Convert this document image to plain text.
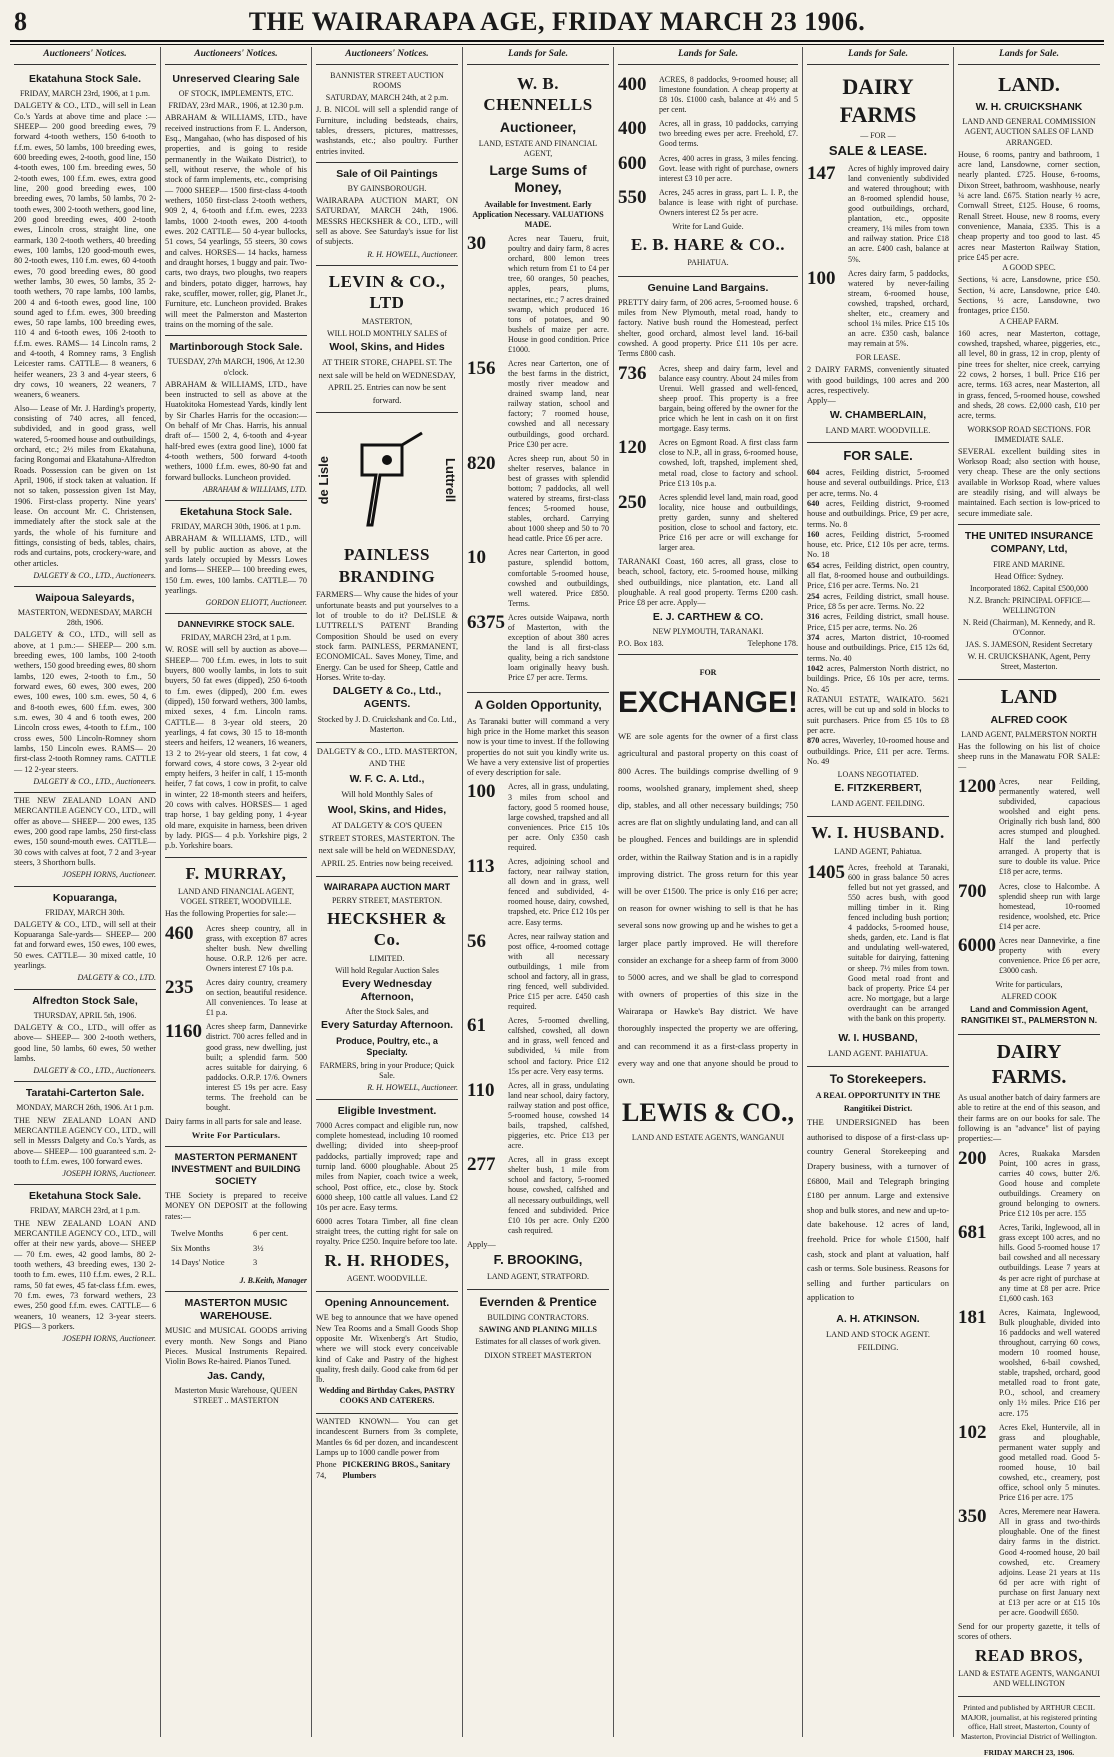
8	THE WAIRARAPA AGE, FRIDAY MARCH 23 1906.
Auctioneers' Notices.
Ekatahuna Stock Sale.
FRIDAY, MARCH 23rd, 1906, at 1 p.m.
DALGETY & CO., LTD., will sell in Lean Co.'s Yards at above time and place :— SHEEP— 200 good breeding ewes, 79 forward 4-tooth wethers, 150 6-tooth to f.f.m. ewes, 50 lambs, 100 breeding ewes, 600 breeding ewes, 2-tooth, good line, 150 4-tooth ewes, 100 f.m. breeding ewes, 50 2-tooth ewes, 100 f.f.m. ewes, extra good line, 200 good breeding ewes, 100 breeding ewes, 70 lambs, 50 lambs, 70 2-tooth ewes, 300 2-tooth wethers, good line, 200 good breeding ewes, 400 2-tooth ewes, Lincoln cross, straight line, one earmark, 130 2-tooth wethers, 40 breeding ewes, 100 lambs, 120 good-mouth ewes, 80 2-tooth ewes, 110 f.m. ewes, 60 4-tooth ewes, 70 good breeding ewes, 80 good wether lambs, 30 ewes, 50 lambs, 35 2-tooth wethers, 70 rape lambs, 100 lambs, 200 4 and 6-tooth ewes, good line, 100 sound aged to f.f.m. ewes, 300 breeding ewes, 50 rape lambs, 100 breeding ewes, 110 4 and 6-tooth ewes, 106 2-tooth to f.f.m. ewes. RAMS— 14 Lincoln rams, 2 and 4-tooth, 4 Romney rams, 3 English Leicester rams. CATTLE— 8 weaners, 6 heifer weaners, 23 3 and 4-year steers, 6 dry cows, 10 weaners, 22 weaners, 7 weaners, 6 weaners.
Also— Lease of Mr. J. Harding's property, consisting of 740 acres, all fenced, subdivided, and in good grass, well watered, 5-roomed house and outbuildings, orchard, etc.; 2½ miles from Ekatahuna, facing Rongomai and Ekatahuna-Alfredton Roads. Possession can be given on 1st April, 1906, if stock taken at valuation. If not so taken, possession given 1st May, 1906. First-class property. Nine years' lease. On account Mr. C. Christensen, immediately after the stock sale at the yards, the whole of his furniture and fittings, consisting of beds, tables, chairs, rods and curtains, pots, crockery-ware, and other articles.
DALGETY & CO., LTD., Auctioneers.
Waipoua Saleyards,
MASTERTON, WEDNESDAY, MARCH 28th, 1906.
DALGETY & CO., LTD., will sell as above, at 1 p.m.:— SHEEP— 200 s.m. breeding ewes, 100 lambs, 100 2-tooth wethers, 150 good breeding ewes, 80 shorn lambs, 120 ewes, 2-tooth to f.m., 50 forward ewes, 60 ewes, 300 ewes, 200 ewes, 100 ewes, 100 s.m. ewes, 50 4, 6 and 8-tooth ewes, 600 f.f.m. ewes, 300 s.m. ewes, 30 4 and 6 tooth ewes, 200 Lincoln cross ewes, 4-tooth to f.f.m., 100 cross ewes, 500 Lincoln-Romney shorn lambs, 150 Lincoln ewes. RAMS— 20 first-class 2-tooth Romney rams. CATTLE— 12 2-year steers.
DALGETY & CO., LTD., Auctioneers.
THE NEW ZEALAND LOAN AND MERCANTILE AGENCY CO., LTD., will offer as above— SHEEP— 200 ewes, 135 ewes, 200 good rape lambs, 250 first-class ewes, 150 sound-mouth ewes. CATTLE— 30 cows with calves at foot, 7 2 and 3-year steers, 3 Shorthorn bulls.
JOSEPH IORNS, Auctioneer.
Kopuaranga,
FRIDAY, MARCH 30th.
DALGETY & CO., LTD., will sell at their Kopuaranga Sale-yards— SHEEP— 200 fat and forward ewes, 150 ewes, 100 ewes, 50 ewes. CATTLE— 30 mixed cattle, 10 yearlings.
DALGETY & CO., LTD.
Alfredton Stock Sale,
THURSDAY, APRIL 5th, 1906.
DALGETY & CO., LTD., will offer as above— SHEEP— 300 2-tooth wethers, good line, 50 lambs, 60 ewes, 50 wether lambs.
DALGETY & CO., LTD., Auctioneers.
Taratahi-Carterton Sale.
MONDAY, MARCH 26th, 1906. At 1 p.m.
THE NEW ZEALAND LOAN AND MERCANTILE AGENCY CO., LTD., will sell in Messrs Dalgety and Co.'s Yards, as above— SHEEP— 100 guaranteed s.m. 2-tooth to f.f.m. ewes, 100 forward ewes.
JOSEPH IORNS, Auctioneer.
Eketahuna Stock Sale.
FRIDAY, MARCH 23rd, at 1 p.m.
THE NEW ZEALAND LOAN AND MERCANTILE AGENCY CO., LTD., will offer at their new yards, above— SHEEP— 70 f.m. ewes, 42 good lambs, 80 2-tooth wethers, 43 breeding ewes, 130 2-tooth to f.m. ewes, 110 f.f.m. ewes, 2 R.L. rams, 50 fat ewes, 45 fat-class f.f.m. ewes, 70 f.m. ewes, 73 forward wethers, 23 ewes, 250 good f.f.m. ewes. CATTLE— 6 weaners, 10 weaners, 12 3-year steers. PIGS— 3 porkers.
JOSEPH IORNS, Auctioneer.
Auctioneers' Notices.
Unreserved Clearing Sale
OF STOCK, IMPLEMENTS, ETC.
FRIDAY, 23rd MAR., 1906, at 12.30 p.m.
ABRAHAM & WILLIAMS, LTD., have received instructions from F. L. Anderson, Esq., Mangahao, (who has disposed of his properties, and is going to reside permanently in the Waikato District), to sell, without reserve, the whole of his stock of farm implements, etc., comprising— 7000 SHEEP— 1500 first-class 4-tooth wethers, 1050 first-class 2-tooth wethers, 909 2, 4, 6-tooth and f.f.m. ewes, 2233 lambs, 1000 2-tooth ewes, 200 4-tooth ewes. 202 CATTLE— 50 4-year bullocks, 51 cows, 54 yearlings, 55 steers, 30 cows and calves. HORSES— 14 hacks, harness and draught horses, 1 buggy and pair. Two-carts, two drays, two ploughs, two reapers and binders, potato digger, harrows, hay rake, scuffler, mower, roller, gig, Planet Jr., Furniture, etc. Luncheon provided. Brakes will meet the Palmerston and Masterton trains on the morning of the sale.
Martinborough Stock Sale.
TUESDAY, 27th MARCH, 1906, At 12.30 o'clock.
ABRAHAM & WILLIAMS, LTD., have been instructed to sell as above at the Huatokitoka Homestead Yards, kindly lent by Sir Charles Harris for the occasion:— On behalf of Mr Chas. Harris, his annual draft of— 1500 2, 4, 6-tooth and 4-year half-bred ewes (extra good line), 1000 fat 4-tooth wethers, 500 forward 4-tooth wethers, 1000 f.f.m. ewes, 80-90 fat and forward bullocks. Luncheon provided.
ABRAHAM & WILLIAMS, LTD.
Eketahuna Stock Sale.
FRIDAY, MARCH 30th, 1906. at 1 p.m.
ABRAHAM & WILLIAMS, LTD., will sell by public auction as above, at the yards lately occupied by Messrs Lowes and Iorns— SHEEP— 100 breeding ewes, 150 f.m. ewes, 100 lambs. CATTLE— 70 yearlings.
GORDON ELIOTT, Auctioneer.
DANNEVIRKE STOCK SALE.
FRIDAY, MARCH 23rd, at 1 p.m.
W. ROSE will sell by auction as above— SHEEP— 700 f.f.m. ewes, in lots to suit buyers, 800 woolly lambs, in lots to suit buyers, 50 fat ewes (dipped), 250 6-tooth to f.m. ewes (dipped), 200 f.m. ewes (dipped), 150 forward wethers, 300 lambs, mixed sexes, 4 f.m. Lincoln rams. CATTLE— 8 3-year old steers, 20 yearlings, 4 fat cows, 30 15 to 18-month steers and heifers, 12 weaners, 16 weaners, 13 2 to 2½-year old steers, 1 fat cow, 4 forward cows, 4 store cows, 3 2-year old empty heifers, 3 heifer in calf, 1 15-month heifer, 7 fat cows, 1 cow in profit, to calve in winter, 22 18-month steers and heifers, 20 cows with calves. HORSES— 1 aged trap horse, 1 bay gelding pony, 1 4-year old mare, exquisite in harness, been driven by lady. PIGS— 4 p.b. Yorkshire pigs, 2 p.b. Yorkshire boars.
F. MURRAY,
LAND AND FINANCIAL AGENT, VOGEL STREET, WOODVILLE.
Has the following Properties for sale:—
460	Acres sheep country, all in grass, with exception 87 acres shelter bush. New dwelling house. O.R.P. 12/6 per acre. Owners interest £7 10s p.a.
235	Acres dairy country, creamery on section, beautiful residence. All conveniences. To lease at £1 p.a.
1160 Acres sheep farm, Dannevirke district. 700 acres felled and in good grass, new dwelling, just built; a splendid farm. 500 acres suitable for dairying. 6 paddocks. O.R.P. 17/6. Owners interest £5 19s per acre. Easy terms. The freehold can be bought.
Dairy farms in all parts for sale and lease.
Write For Particulars.
MASTERTON PERMANENT INVESTMENT and BUILDING SOCIETY
THE Society is prepared to receive MONEY ON DEPOSIT at the following rates:—
Twelve Months	6 per cent.
Six Months	3½
14 Days' Notice	3
J. B.Keith, Manager
MASTERTON MUSIC WAREHOUSE.
MUSIC and MUSICAL GOODS arriving every month. New Songs and Piano Pieces. Musical Instruments Repaired. Violin Bows Re-haired. Pianos Tuned.
Jas. Candy,
Masterton Music Warehouse, QUEEN STREET .. MASTERTON
Auctioneers' Notices.
BANNISTER STREET AUCTION ROOMS
SATURDAY, MARCH 24th, at 2 p.m.
J. B. NICOL will sell a splendid range of Furniture, including bedsteads, chairs, tables, dressers, pictures, mattresses, washstands, etc.; also poultry. Further entries invited.
Sale of Oil Paintings
BY GAINSBOROUGH.
WAIRARAPA AUCTION MART, ON SATURDAY, MARCH 24th, 1906. MESSRS HECKSHER & CO., LTD., will sell as above. See Saturday's issue for list of subjects.
R. H. HOWELL, Auctioneer.
LEVIN & CO., LTD
MASTERTON,
WILL HOLD MONTHLY SALES of
Wool, Skins, and Hides
AT THEIR STORE, CHAPEL ST. The next sale will be held on WEDNESDAY, APRIL 25. Entries can now be sent forward.
de Lisle	Luttrell
PAINLESS BRANDING
FARMERS— Why cause the hides of your unfortunate beasts and put yourselves to a lot of trouble to do it? DeLISLE & LUTTRELL'S PATENT Branding Composition Should be used on every stock farm. PAINLESS, PERMANENT, ECONOMICAL. Saves Money, Time, and Energy. Can be used for Sheep, Cattle and Horses. Write to-day.
DALGETY & Co., Ltd., AGENTS.
Stocked by J. D. Cruickshank and Co. Ltd., Masterton.
DALGETY & CO., LTD. MASTERTON, AND THE
W. F. C. A. Ltd.,
Will hold Monthly Sales of
Wool, Skins, and Hides,
AT DALGETY & CO'S QUEEN STREET STORES, MASTERTON. The next sale will be held on WEDNESDAY, APRIL 25. Entries now being received.
WAIRARAPA AUCTION MART
PERRY STREET, MASTERTON.
HECKSHER & Co.
LIMITED.
Will hold Regular Auction Sales
Every Wednesday Afternoon,
After the Stock Sales, and
Every Saturday Afternoon.
Produce, Poultry, etc., a Specialty.
FARMERS, bring in your Produce; Quick Sale.
R. H. HOWELL, Auctioneer.
Eligible Investment.
7000 Acres compact and eligible run, now complete homestead, including 10 roomed dwelling; divided into sheep-proof paddocks, partially improved; rape and turnip land. 6000 ploughable. About 25 miles from Napier, coach twice a week, school, Post office, etc., close by. Stock 6000 sheep, 100 cattle all values. Land £2 10s per acre. Easy terms.
6000 acres Totara Timber, all fine clean straight trees, the cutting right for sale on royalty. Price £250. Inquire before too late.
R. H. RHODES,
AGENT. WOODVILLE.
Opening Announcement.
WE beg to announce that we have opened New Tea Rooms and a Small Goods Shop opposite Mr. Wixenberg's Art Studio, where we will stock every conceivable kind of Cake and Pastry of the highest quality, fresh daily. Good cake from 6d per lb.
Wedding and Birthday Cakes, PASTRY COOKS AND CATERERS.
WANTED KNOWN— You can get incandescent Burners from 3s complete, Mantles 6s 6d per dozen, and incandescent Lamps up to 1000 candle power from
Phone 74,
PICKERING BROS., Sanitary Plumbers
Lands for Sale.
W. B. CHENNELLS
Auctioneer,
LAND, ESTATE AND FINANCIAL AGENT,
Large Sums of Money,
Available for Investment. Early Application Necessary. VALUATIONS MADE.
30	Acres near Taueru, fruit, poultry and dairy farm, 8 acres orchard, 800 lemon trees which return from £1 to £4 per tree, 60 oranges, 50 peaches, apples, pears, plums, nectarines, etc.; 7 acres drained swamp, which produced 16 tons of potatoes, and 90 bushels of maize per acre. House in good condition. Price £1000.
156	Acres near Carterton, one of the best farms in the district, mostly river meadow and drained swamp land, near railway station, school and factory; 7 roomed house, cowshed and all necessary outbuildings, good orchard. Price £30 per acre.
820	Acres sheep run, about 50 in shelter reserves, balance in best of grasses with splendid bottom; 7 paddocks, all well watered by streams, first-class fences; 5-roomed house, stables, orchard. Carrying about 1000 sheep and 50 to 70 head cattle. Price £6 per acre.
10	Acres near Carterton, in good pasture, splendid bottom, comfortable 5-roomed house, cowshed and outbuildings, well watered. Price £850. Terms.
6375 Acres outside Waipawa, north of Masterton, with the exception of about 380 acres the land is all first-class quality, being a rich sandstone loam originally heavy bush. Price £7 per acre. Terms.
A Golden Opportunity,
As Taranaki butter will command a very high price in the Home market this season now is your time to invest. If the following properties do not suit you kindly write us. We have a very extensive list of properties of every description for sale.
100	Acres, all in grass, undulating, 3 miles from school and factory, good 5 roomed house, large cowshed, trapshed and all conveniences. Price £15 10s per acre. Only £350 cash required.
113	Acres, adjoining school and factory, near railway station, all down and in grass, well fenced and subdivided, 4-roomed house, dairy, cowshed, trapshed, etc. Price £12 10s per acre. Easy terms.
56	Acres, near railway station and post office, 4-roomed cottage with all necessary outbuildings, 1 mile from school and factory, all in grass, ring fenced, well subdivided. Price £15 per acre. £450 cash required.
61	Acres, 5-roomed dwelling, calfshed, cowshed, all down and in grass, well fenced and subdivided, ¼ mile from school and factory. Price £12 15s per acre. Very easy terms.
110	Acres, all in grass, undulating land near school, dairy factory, railway station and post office, 5-roomed house, cowshed 14 bails, trapshed, calfshed, piggeries, etc. Price £13 per acre.
277	Acres, all in grass except shelter bush, 1 mile from school and factory, 5-roomed house, cowshed, calfshed and all necessary outbuildings, well fenced and subdivided. Price £10 10s per acre. Only £200 cash required.
Apply—
F. BROOKING,
LAND AGENT, STRATFORD.
Evernden & Prentice
BUILDING CONTRACTORS.
SAWING AND PLANING MILLS
Estimates for all classes of work given.
DIXON STREET MASTERTON
Lands for Sale.
400	ACRES, 8 paddocks, 9-roomed house; all limestone foundation. A cheap property at £8 10s. £1000 cash, balance at 4½ and 5 per cent.
400	Acres, all in grass, 10 paddocks, carrying two breeding ewes per acre. Freehold, £7. Good terms.
600	Acres, 400 acres in grass, 3 miles fencing. Govt. lease with right of purchase, owners interest £3 10 per acre.
550	Acres, 245 acres in grass, part L. I. P., the balance is lease with right of purchase. Owners interest £2 5s per acre.
Write for Land Guide.
E. B. HARE & CO..
PAHIATUA.
Genuine Land Bargains.
PRETTY dairy farm, of 206 acres, 5-roomed house. 6 miles from New Plymouth, metal road, handy to factory. Native bush round the Homestead, perfect shelter, good orchard, almost level land. 16-bail cowshed. A good property. Price £11 10s per acre. Terms £800 cash.
736	Acres, sheep and dairy farm, level and balance easy country. About 24 miles from Urenui. Well grassed and well-fenced, sheep proof. This property is a free bargain, being offered by the owner for the price which he lent in cash on it on first mortgage. Easy terms.
120	Acres on Egmont Road. A first class farm close to N.P., all in grass, 6-roomed house, cowshed, loft, trapshed, implement shed, metal road, close to factory and school. Price £13 10s p.a.
250	Acres splendid level land, main road, good locality, nice house and outbuildings, pretty garden, sunny and sheltered position, close to school and factory, etc. Price £16 per acre or will exchange for larger area.
TARANAKI Coast, 160 acres, all grass, close to beach, school, factory, etc. 5-roomed house, milking shed outbuildings, nice plantation, etc. Land all ploughable. A real good property. Terms £200 cash. Price £8 per acre. Apply—
E. J. CARTHEW & CO.
NEW PLYMOUTH, TARANAKI.
P.O. Box 183.	Telephone 178.
FOR
EXCHANGE!
WE are sole agents for the owner of a first class agricultural and pastoral property on this coast of 800 Acres. The buildings comprise dwelling of 9 rooms, woolshed granary, implement shed, sheep dip, stables, and all other necessary buildings; 750 acres are flat on slightly undulating land, and can all be ploughed. Fences and buildings are in splendid order, within the Railway Station and is in a rapidly improving district. The gross return for this year will be over £1500. The price is only £16 per acre; on reason for owner wishing to sell is that he has several sons now growing up and he wishes to get a larger place partly improved. He will therefore consider an exchange for a sheep farm of from 3000 to 5000 acres, and we shall be glad to correspond with owners of properties of this size in the Wairarapa or Hawke's Bay district. We have thoroughly inspected the property we are offering, and can recommend it as a first-class property in every way and one that anyone should be proud to own.
LEWIS & CO.,
LAND AND ESTATE AGENTS, WANGANUI
Lands for Sale.
DAIRY FARMS
— FOR —
SALE & LEASE.
147	Acres of highly improved dairy land conveniently subdivided and watered throughout; with an 8-roomed splendid house, good outbuildings, orchard, plantation, etc., opposite creamery, 1¼ miles from town and railway station. Price £18 an acre. £400 cash, balance at 5%.
100	Acres dairy farm, 5 paddocks, watered by never-failing stream, 6-roomed house, cowshed, trapshed, orchard, shelter, etc., creamery and school 1¼ miles. Price £15 10s an acre. £350 cash, balance may remain at 5%.
FOR LEASE.
2 DAIRY FARMS, conveniently situated with good buildings, 100 acres and 200 acres, respectively.
Apply—
W. CHAMBERLAIN,
LAND MART. WOODVILLE.
FOR SALE.
604 acres, Feilding district, 5-roomed house and several outbuildings. Price, £13 per acre, terms. No. 4
640 acres, Feilding district, 9-roomed house and outbuildings. Price, £9 per acre, terms. No. 8
160 acres, Feilding district, 5-roomed house, etc. Price, £12 10s per acre, terms. No. 18
654 acres, Feilding district, open country, all flat, 8-roomed house and outbuildings. Price, £16 per acre. Terms. No. 21
254 acres, Feilding district, small house. Price, £8 5s per acre. Terms. No. 22
316 acres, Feilding district, small house. Price, £15 per acre, terms. No. 26
374 acres, Marton district, 10-roomed house and outbuildings. Price, £15 12s 6d, terms. No. 40
1042 acres, Palmerston North district, no buildings. Price, £6 10s per acre, terms. No. 45
RATANUI ESTATE, WAIKATO. 5621 acres, will be cut up and sold in blocks to suit purchasers. Price from £5 10s to £8 per acre.
870 acres, Waverley, 10-roomed house and outbuildings. Price, £11 per acre. Terms. No. 49
LOANS NEGOTIATED.
E. FITZKERBERT,
LAND AGENT. FEILDING.
W. I. HUSBAND.
LAND AGENT, Pahiatua.
1405 Acres, freehold at Taranaki, 600 in grass balance 50 acres felled but not yet grassed, and 550 acres bush, with good milling timber in it. Ring fenced including bush portion; 4 paddocks, 5-roomed house, sheds, garden, etc. Land is flat and undulating well-watered, suitable for dairying, fattening or sheep. 7½ miles from town. Good metal road front and back of property. Price £4 per acre. No mortgage, but a large overdraught can be arranged with the bank on this property.
W. I. HUSBAND,
LAND AGENT. PAHIATUA.
To Storekeepers.
A REAL OPPORTUNITY IN THE Rangitikei District.
THE UNDERSIGNED has been authorised to dispose of a first-class up-country General Storekeeping and Drapery business, with a turnover of £6800, Mail and Telegraph bringing £180 per annum. Large and extensive shop and bulk stores, and new and up-to-date bakehouse. 12 acres of land, freehold. Price for whole £1500, half cash, stock and plant at valuation, half cash or terms. Sole business. Reasons for selling and further particulars on application to
A. H. ATKINSON.
LAND AND STOCK AGENT. FEILDING.
Lands for Sale.
LAND.
W. H. CRUICKSHANK
LAND AND GENERAL COMMISSION AGENT, AUCTION SALES OF LAND ARRANGED.
House, 6 rooms, pantry and bathroom, 1 acre land, Lansdowne, corner section, nearly planted. £725. House, 6-rooms, Dixon Street, bathroom, washhouse, nearly ¼ acre land. £675. Station nearly ½ acre, Cornwall Street, £125. House, 6 rooms, Renall Street. House, new 8 rooms, every convenience, Manaia, £335. This is a cheap property and too good to last. 45 acres near Masterton Railway Station, price £45 per acre.
A GOOD SPEC.
Sections, ¼ acre, Lansdowne, price £50. Section, ¼ acre, Lansdowne, price £40. Sections, ½ acre, Lansdowne, two frontages, price £150.
A CHEAP FARM.
160 acres, near Masterton, cottage, cowshed, trapshed, wharee, piggeries, etc., all level, 80 in grass, 12 in crop, plenty of pine trees for shelter, nice creek, carrying 22 cows, 2 horses, 1 bull. Price £16 per acre, terms. 163 acres, near Masterton, all in grass, fenced, 5-roomed house, cowshed and sheds, 28 cows. £2,000 cash, £10 per acre, terms.
WORKSOP ROAD SECTIONS. FOR IMMEDIATE SALE.
SEVERAL excellent building sites in Worksop Road; also section with house, very cheap. These are the only sections available in Worksop Road, where values are steadily rising, and will always be maintained. Each section is low-priced to secure immediate sale.
THE UNITED INSURANCE COMPANY, Ltd,
FIRE AND MARINE.
Head Office: Sydney.
Incorporated 1862. Capital £500,000
N.Z. Branch: PRINCIPAL OFFICE—WELLINGTON
N. Reid (Chairman), M. Kennedy, and R. O'Connor.
JAS. S. JAMESON, Resident Secretary
W. H. CRUICKSHANK, Agent, Perry Street, Masterton.
LAND
ALFRED COOK
LAND AGENT, PALMERSTON NORTH
Has the following on his list of choice sheep runs in the Manawatu FOR SALE:—
1200 Acres, near Feilding, permanently watered, well subdivided, capacious woolshed and eight pens. Originally rich bush land, 800 acres stumped and ploughed. Half the land perfectly arranged. A property that is sure to double its value. Price £18 per acre, terms.
700	Acres, close to Halcombe. A splendid sheep run with large homestead, 10-roomed residence, woolshed, etc. Price £14 per acre.
6000 Acres near Dannevirke, a fine property with every convenience. Price £6 per acre, £3000 cash.
Write for particulars,
ALFRED COOK
Land and Commission Agent, RANGITIKEI ST., PALMERSTON N.
DAIRY FARMS.
As usual another batch of dairy farmers are able to retire at the end of this season, and their farms are on our books for sale. The following is an "advance" list of paying properties:—
200	Acres, Ruakaka Marsden Point, 100 acres in grass, carries 40 cows, butter 2/6. Good house and complete outbuildings. Creamery on ground belonging to owners. Price £12 10s per acre. 155
681	Acres, Tariki, Inglewood, all in grass except 100 acres, and no hills. Good 5-roomed house 17 bail cowshed and all necessary outbuildings. Lease 7 years at 4s per acre right of purchase at any time at £8 per acre. Price £1,600 cash. 163
181	Acres, Kaimata, Inglewood, Bulk ploughable, divided into 16 paddocks and well watered throughout, carrying 60 cows, modern 10 roomed house, woolshed, 6-bail cowshed, stable, trapshed, orchard, good metalled road to front gate, P.O., school, and creamery only 1½ miles. Price £16 per acre. 175
102	Acres Ekel, Huntervile, all in grass and ploughable, permanent water supply and good metalled road. Good 5-roomed house, 10 bail cowshed, etc., creamery, post office, school only 5 minutes. Price £16 per acre. 175
350	Acres, Meremere near Hawera. All in grass and two-thirds ploughable. One of the finest dairy farms in the district. Good 4-roomed house, 20 bail cowshed, etc. Creamery adjoins. Lease 21 years at 11s 6d per acre with right of purchase on first January next at £13 per acre or at £15 10s per acre. Goodwill £650.
Send for our property gazette, it tells of scores of others.
READ BROS,
LAND & ESTATE AGENTS, WANGANUI AND WELLINGTON
Printed and published by ARTHUR CECIL MAJOR, journalist, at his registered printing office, Hall street, Masterton, County of Masterton, Provincial District of Wellington.
FRIDAY MARCH 23, 1906.
